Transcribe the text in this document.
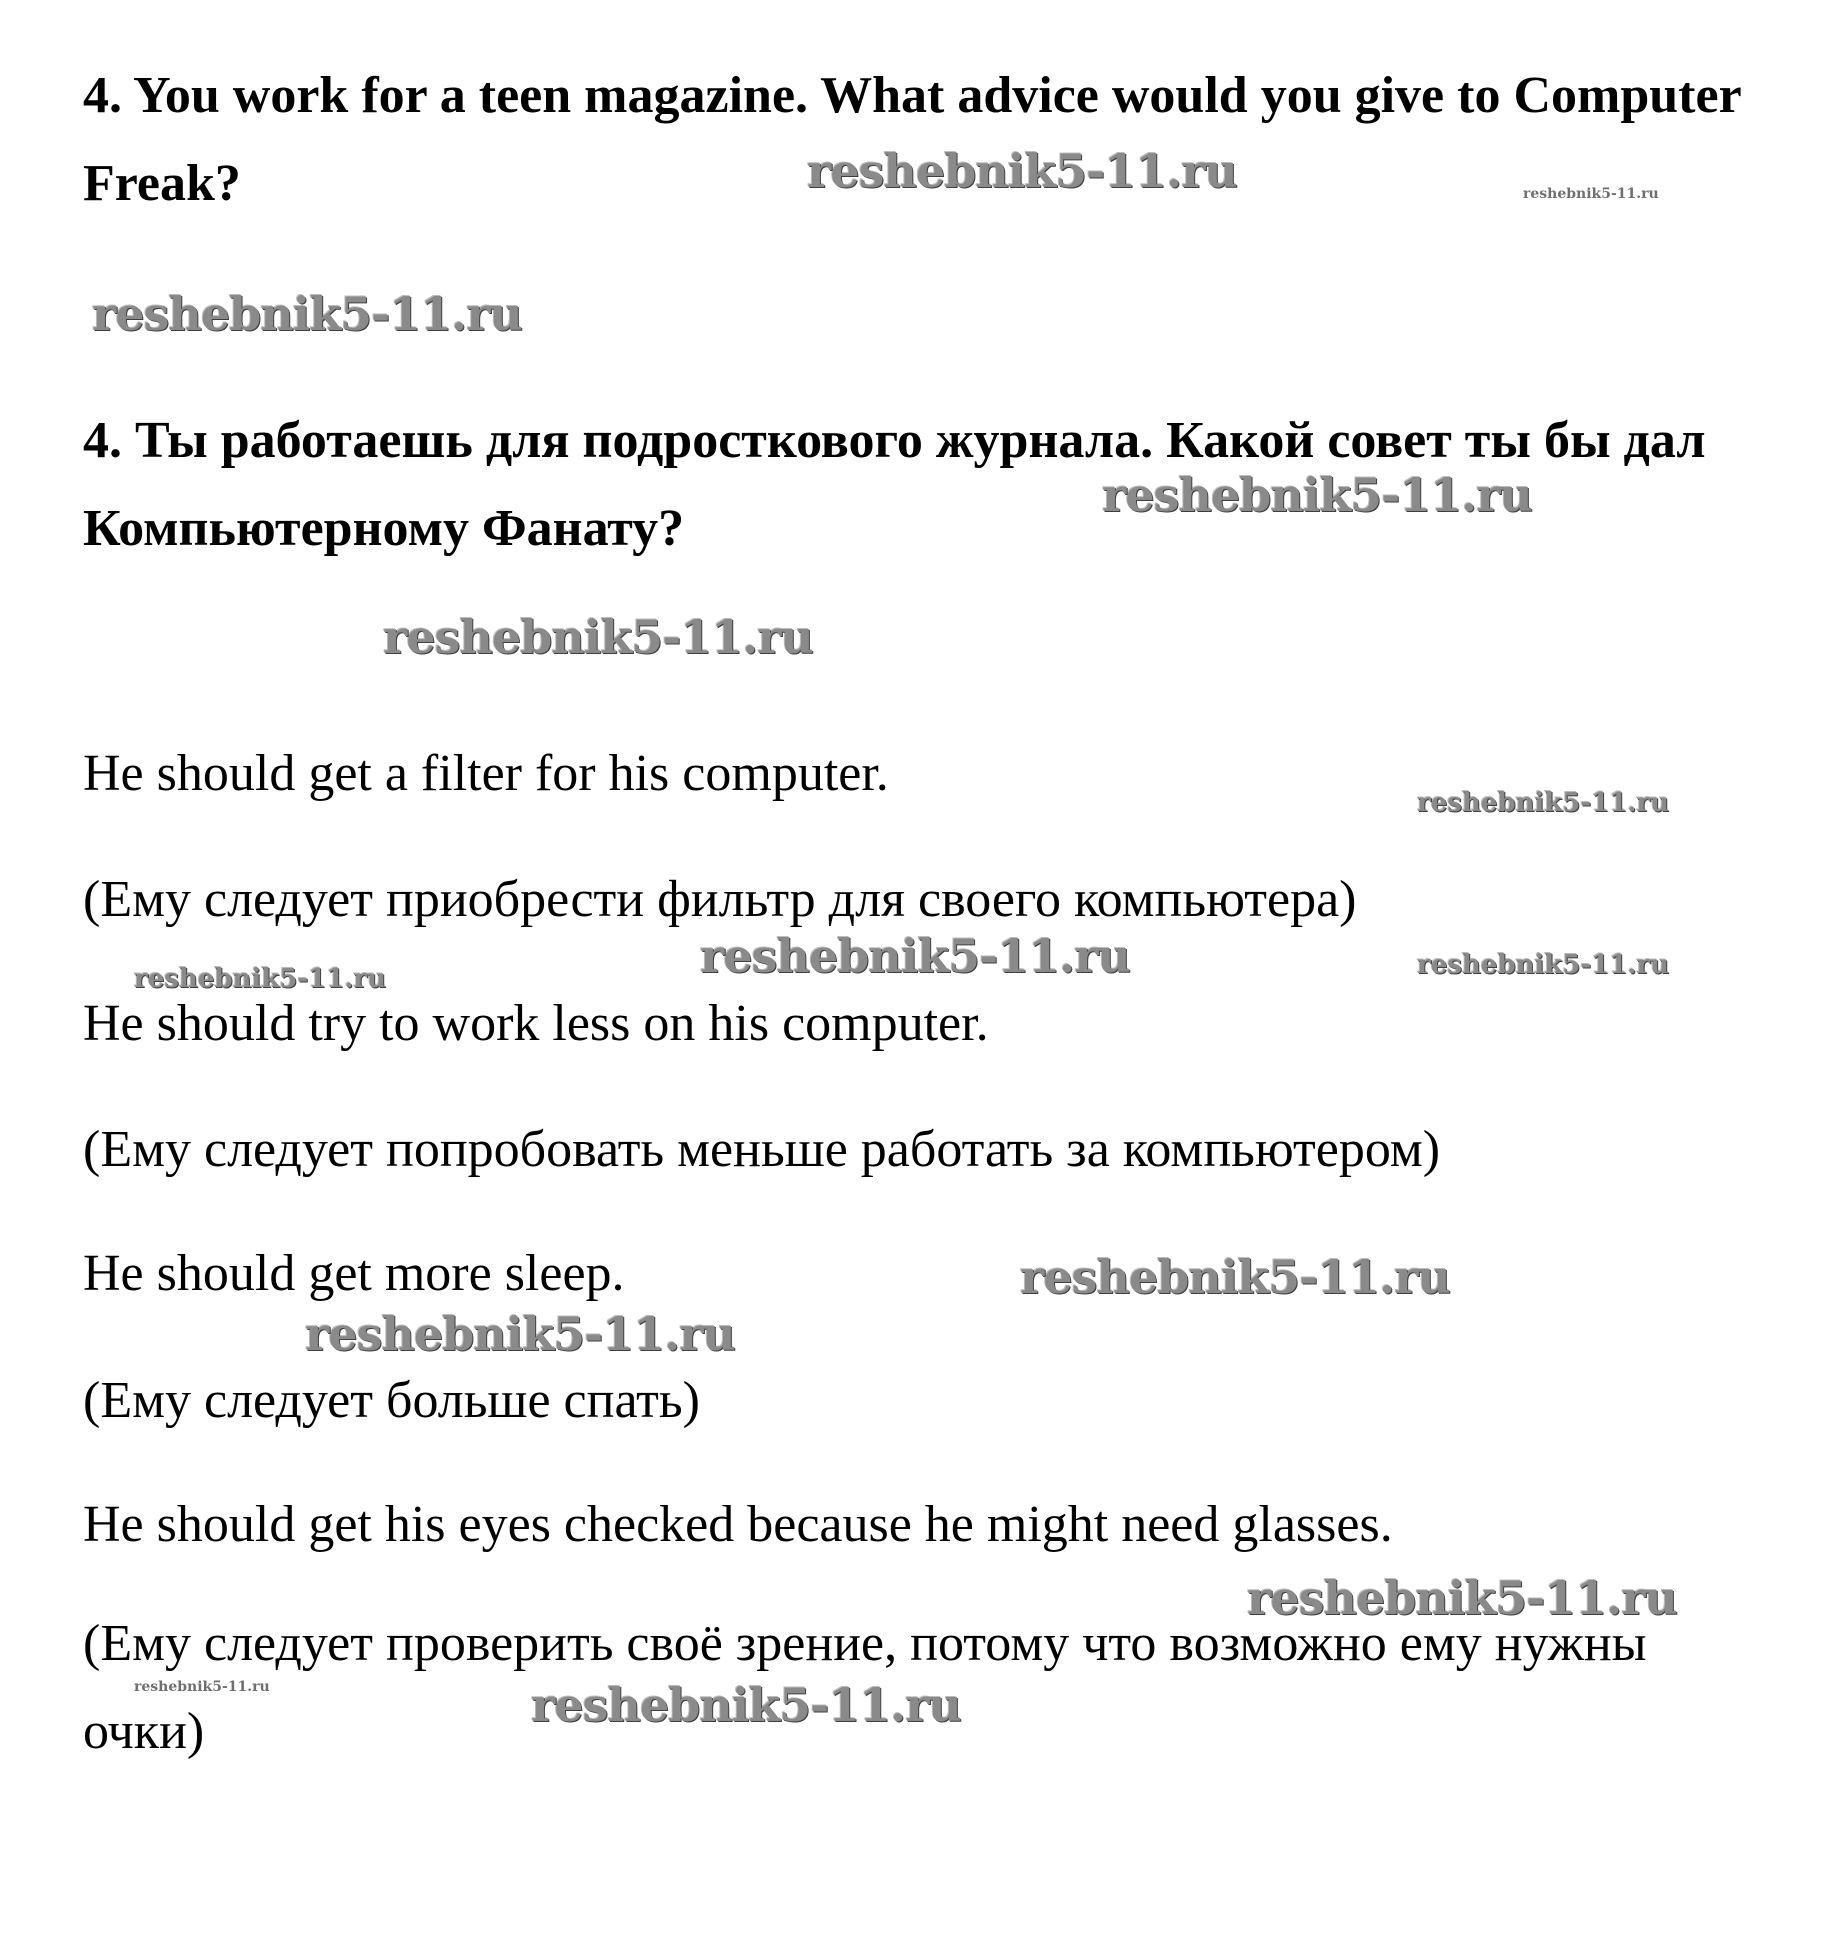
4. You work for a teen magazine. What advice would you give to Computer Freak?

4. Ты работаешь для подросткового журнала. Какой совет ты бы дал Компьютерному Фанату?

He should get a filter for his computer.

(Ему следует приобрести фильтр для своего компьютера)

He should try to work less on his computer.

(Ему следует попробовать меньше работать за компьютером)

He should get more sleep.

(Ему следует больше спать)

He should get his eyes checked because he might need glasses.

(Ему следует проверить своё зрение, потому что возможно ему нужны очки)

reshebnik5-11.ru	reshebnik5-11.ru
reshebnik5-11.ru
reshebnik5-11.ru
reshebnik5-11.ru
reshebnik5-11.ru
reshebnik5-11.ru
reshebnik5-11.ru	reshebnik5-11.ru
reshebnik5-11.ru
reshebnik5-11.ru
reshebnik5-11.ru
reshebnik5-11.ru	reshebnik5-11.ru
